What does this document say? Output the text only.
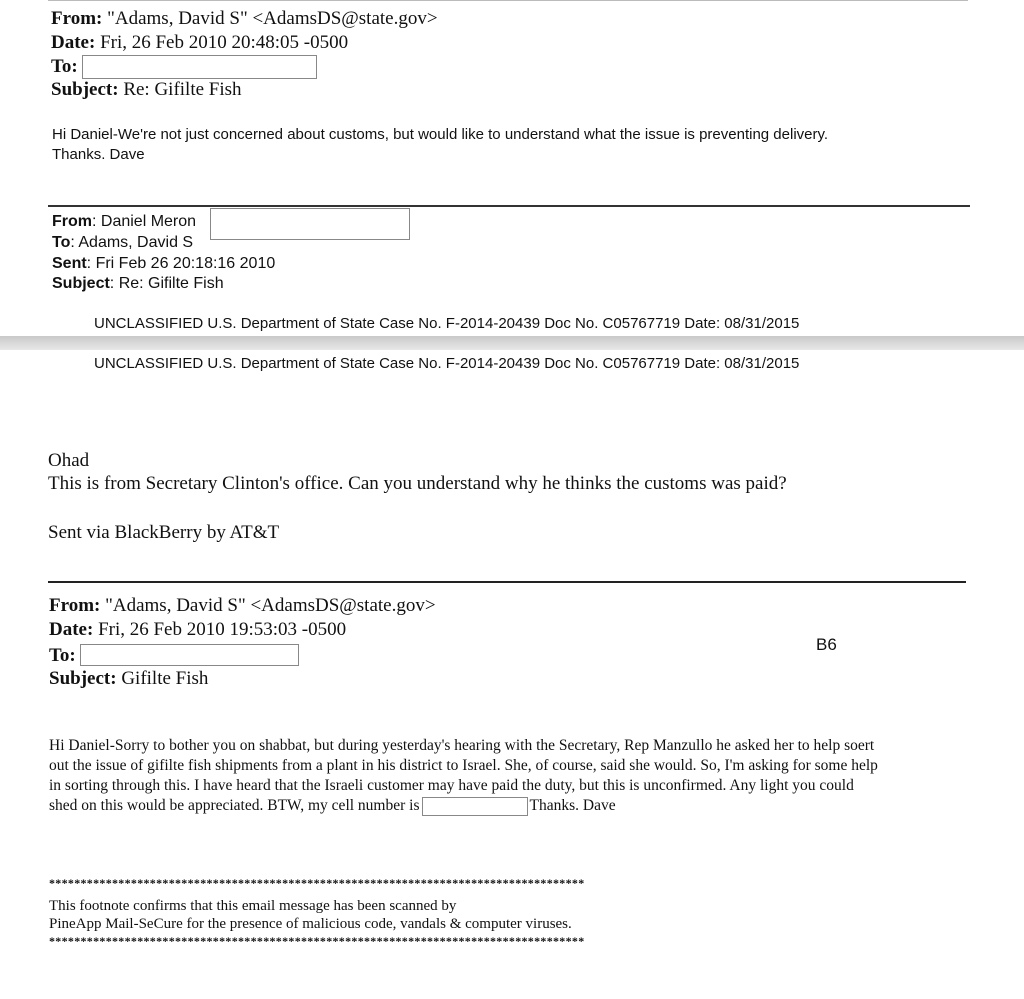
From: "Adams, David S" <AdamsDS@state.gov>
Date: Fri, 26 Feb 2010 20:48:05 -0500
To:
Subject: Re: Gifilte Fish
Hi Daniel-We're not just concerned about customs, but would like to understand what the issue is preventing delivery.
Thanks. Dave
From: Daniel Meron
To: Adams, David S
Sent: Fri Feb 26 20:18:16 2010
Subject: Re: Gifilte Fish
UNCLASSIFIED U.S. Department of State Case No. F-2014-20439 Doc No. C05767719 Date: 08/31/2015
UNCLASSIFIED U.S. Department of State Case No. F-2014-20439 Doc No. C05767719 Date: 08/31/2015
Ohad
This is from Secretary Clinton's office. Can you understand why he thinks the customs was paid?
Sent via BlackBerry by AT&T
From: "Adams, David S" <AdamsDS@state.gov>
Date: Fri, 26 Feb 2010 19:53:03 -0500
To:
B6
Subject: Gifilte Fish
Hi Daniel-Sorry to bother you on shabbat, but during yesterday's hearing with the Secretary, Rep Manzullo he asked her to help soert
out the issue of gifilte fish shipments from a plant in his district to Israel. She, of course, said she would. So, I'm asking for some help
in sorting through this. I have heard that the Israeli customer may have paid the duty, but this is unconfirmed. Any light you could
shed on this would be appreciated. BTW, my cell number is	Thanks. Dave
*************************************************************************************
This footnote confirms that this email message has been scanned by
PineApp Mail-SeCure for the presence of malicious code, vandals & computer viruses.
*************************************************************************************
